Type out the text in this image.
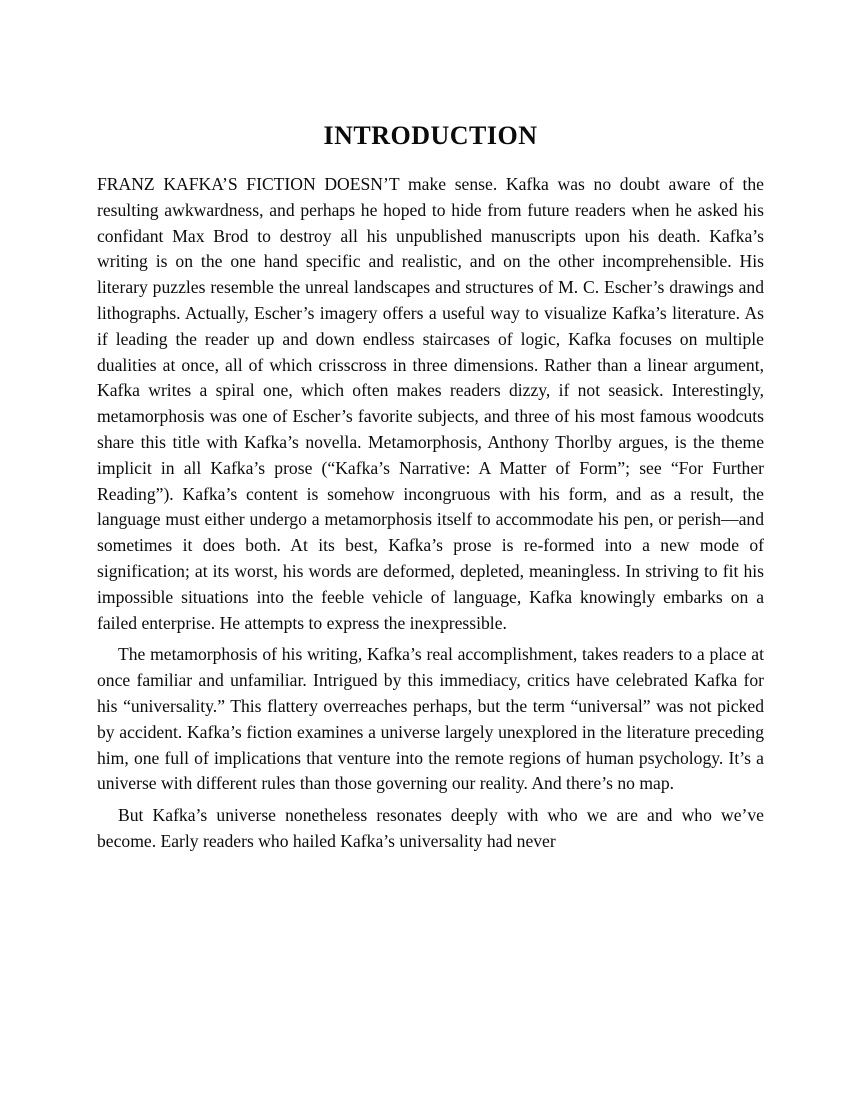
INTRODUCTION

FRANZ KAFKA’S FICTION DOESN’T make sense. Kafka was no doubt aware of the resulting awkwardness, and perhaps he hoped to hide from future readers when he asked his confidant Max Brod to destroy all his unpublished manuscripts upon his death. Kafka’s writing is on the one hand specific and realistic, and on the other incomprehensible. His literary puzzles resemble the unreal landscapes and structures of M. C. Escher’s drawings and lithographs. Actually, Escher’s imagery offers a useful way to visualize Kafka’s literature. As if leading the reader up and down endless staircases of logic, Kafka focuses on multiple dualities at once, all of which crisscross in three dimensions. Rather than a linear argument, Kafka writes a spiral one, which often makes readers dizzy, if not seasick. Interestingly, metamorphosis was one of Escher’s favorite subjects, and three of his most famous woodcuts share this title with Kafka’s novella. Metamorphosis, Anthony Thorlby argues, is the theme implicit in all Kafka’s prose (“Kafka’s Narrative: A Matter of Form”; see “For Further Reading”). Kafka’s content is somehow incongruous with his form, and as a result, the language must either undergo a metamorphosis itself to accommodate his pen, or perish—and sometimes it does both. At its best, Kafka’s prose is re-formed into a new mode of signification; at its worst, his words are deformed, depleted, meaningless. In striving to fit his impossible situations into the feeble vehicle of language, Kafka knowingly embarks on a failed enterprise. He attempts to express the inexpressible.

The metamorphosis of his writing, Kafka’s real accomplishment, takes readers to a place at once familiar and unfamiliar. Intrigued by this immediacy, critics have celebrated Kafka for his “universality.” This flattery overreaches perhaps, but the term “universal” was not picked by accident. Kafka’s fiction examines a universe largely unexplored in the literature preceding him, one full of implications that venture into the remote regions of human psychology. It’s a universe with different rules than those governing our reality. And there’s no map.

But Kafka’s universe nonetheless resonates deeply with who we are and who we’ve become. Early readers who hailed Kafka’s universality had never
